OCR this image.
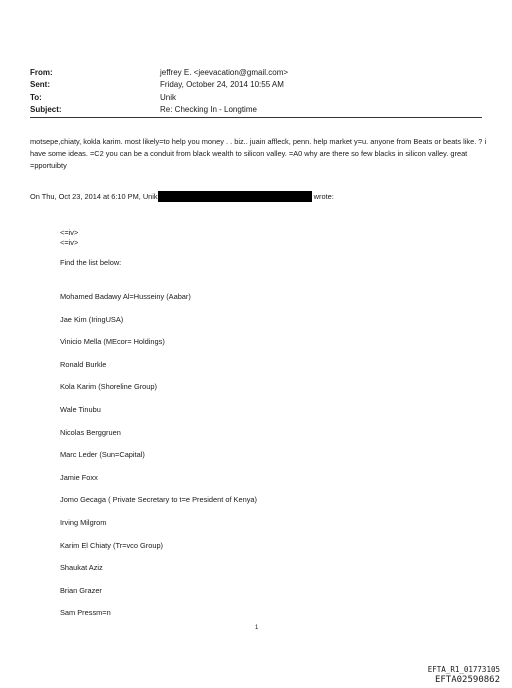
From:	jeffrey E. <jeevacation@gmail.com>
Sent:	Friday, October 24, 2014 10:55 AM
To:	Unik
Subject:	Re: Checking In - Longtime
motsepe,chiaty, kokla karim. most likely=to help you money . . biz.. juain affleck, penn. help market y=u. anyone from Beats or beats like. ? i have some ideas. =C2 you can be a conduit from black wealth to silicon valley. =A0 why are there so few blacks in silicon valley. great =pportuibty
On Thu, Oct 23, 2014 at 6:10 PM, Unik	wrote:
<=iv>
<=iv>
Find the list below:
Mohamed Badawy Al=Husseiny (Aabar)
Jae Kim (IringUSA)
Vinicio Mella (MEcor= Holdings)
Ronald Burkle
Kola Karim (Shoreline Group)
Wale Tinubu
Nicolas Berggruen
Marc Leder (Sun=Capital)
Jamie Foxx
Jomo Gecaga ( Private Secretary to t=e President of Kenya)
Irving Milgrom
Karim El Chiaty (Tr=vco Group)
Shaukat Aziz
Brian Grazer
Sam Pressm=n
1
EFTA_R1_01773105
EFTA02590862
